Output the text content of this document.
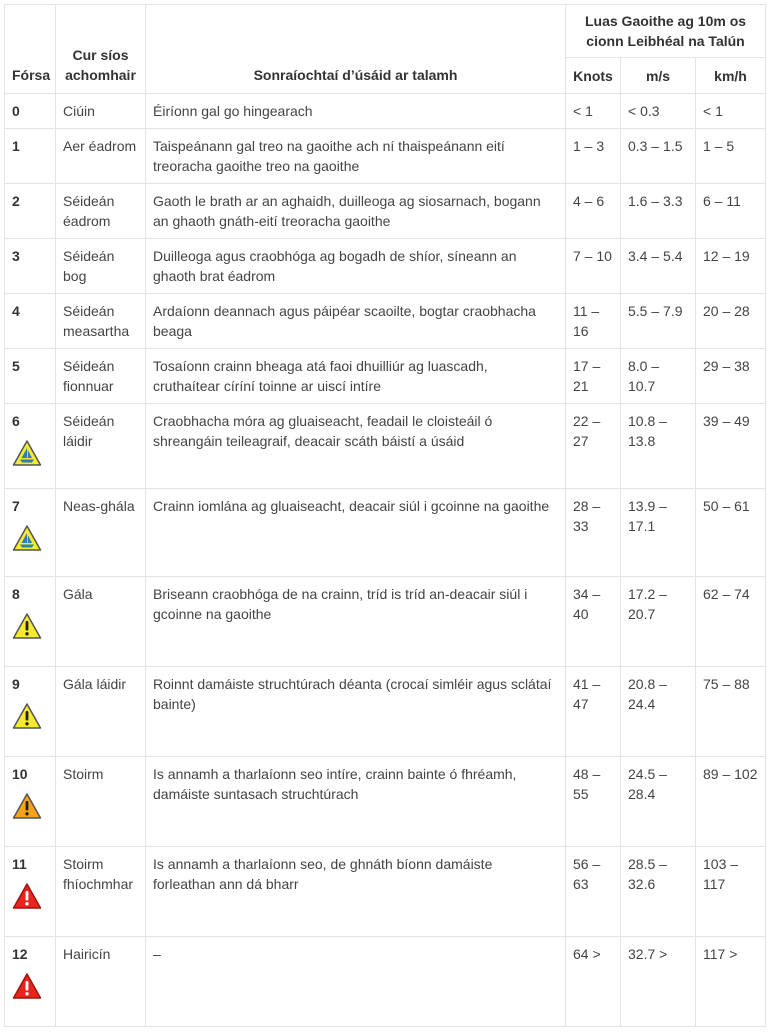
Fórsa	Cur síos achomhair	Sonraíochtaí d’úsáid ar talamh	Luas Gaoithe ag 10m os cionn Leibhéal na Talún		
			Knots	m/s	km/h
0	Ciúin	Éiríonn gal go hingearach	< 1	< 0.3	< 1
1	Aer éadrom	Taispeánann gal treo na gaoithe ach ní thaispeánann eití treoracha gaoithe treo na gaoithe	1 – 3	0.3 – 1.5	1 – 5
2	Séideán éadrom	Gaoth le brath ar an aghaidh, duilleoga ag siosarnach, bogann an ghaoth gnáth-eití treoracha gaoithe	4 – 6	1.6 – 3.3	6 – 11
3	Séideán bog	Duilleoga agus craobhóga ag bogadh de shíor, síneann an ghaoth brat éadrom	7 – 10	3.4 – 5.4	12 – 19
4	Séideán measartha	Ardaíonn deannach agus páipéar scaoilte, bogtar craobhacha beaga	11 – 16	5.5 – 7.9	20 – 28
5	Séideán fionnuar	Tosaíonn crainn bheaga atá faoi dhuilliúr ag luascadh, cruthaítear círíní toinne ar uiscí intíre	17 – 21	8.0 – 10.7	29 – 38
6	Séideán láidir	Craobhacha móra ag gluaiseacht, feadail le cloisteáil ó shreangáin teileagraif, deacair scáth báistí a úsáid	22 – 27	10.8 – 13.8	39 – 49
7	Neas-ghála	Crainn iomlána ag gluaiseacht, deacair siúl i gcoinne na gaoithe	28 – 33	13.9 – 17.1	50 – 61
8	Gála	Briseann craobhóga de na crainn, tríd is tríd an-deacair siúl i gcoinne na gaoithe	34 – 40	17.2 – 20.7	62 – 74
9	Gála láidir	Roinnt damáiste struchtúrach déanta (crocaí simléir agus sclátaí bainte)	41 – 47	20.8 – 24.4	75 – 88
10	Stoirm	Is annamh a tharlaíonn seo intíre, crainn bainte ó fhréamh, damáiste suntasach struchtúrach	48 – 55	24.5 – 28.4	89 – 102
11	Stoirm fhíochmhar	Is annamh a tharlaíonn seo, de ghnáth bíonn damáiste forleathan ann dá bharr	56 – 63	28.5 – 32.6	103 – 117
12	Hairicín	–	64 >	32.7 >	117 >
